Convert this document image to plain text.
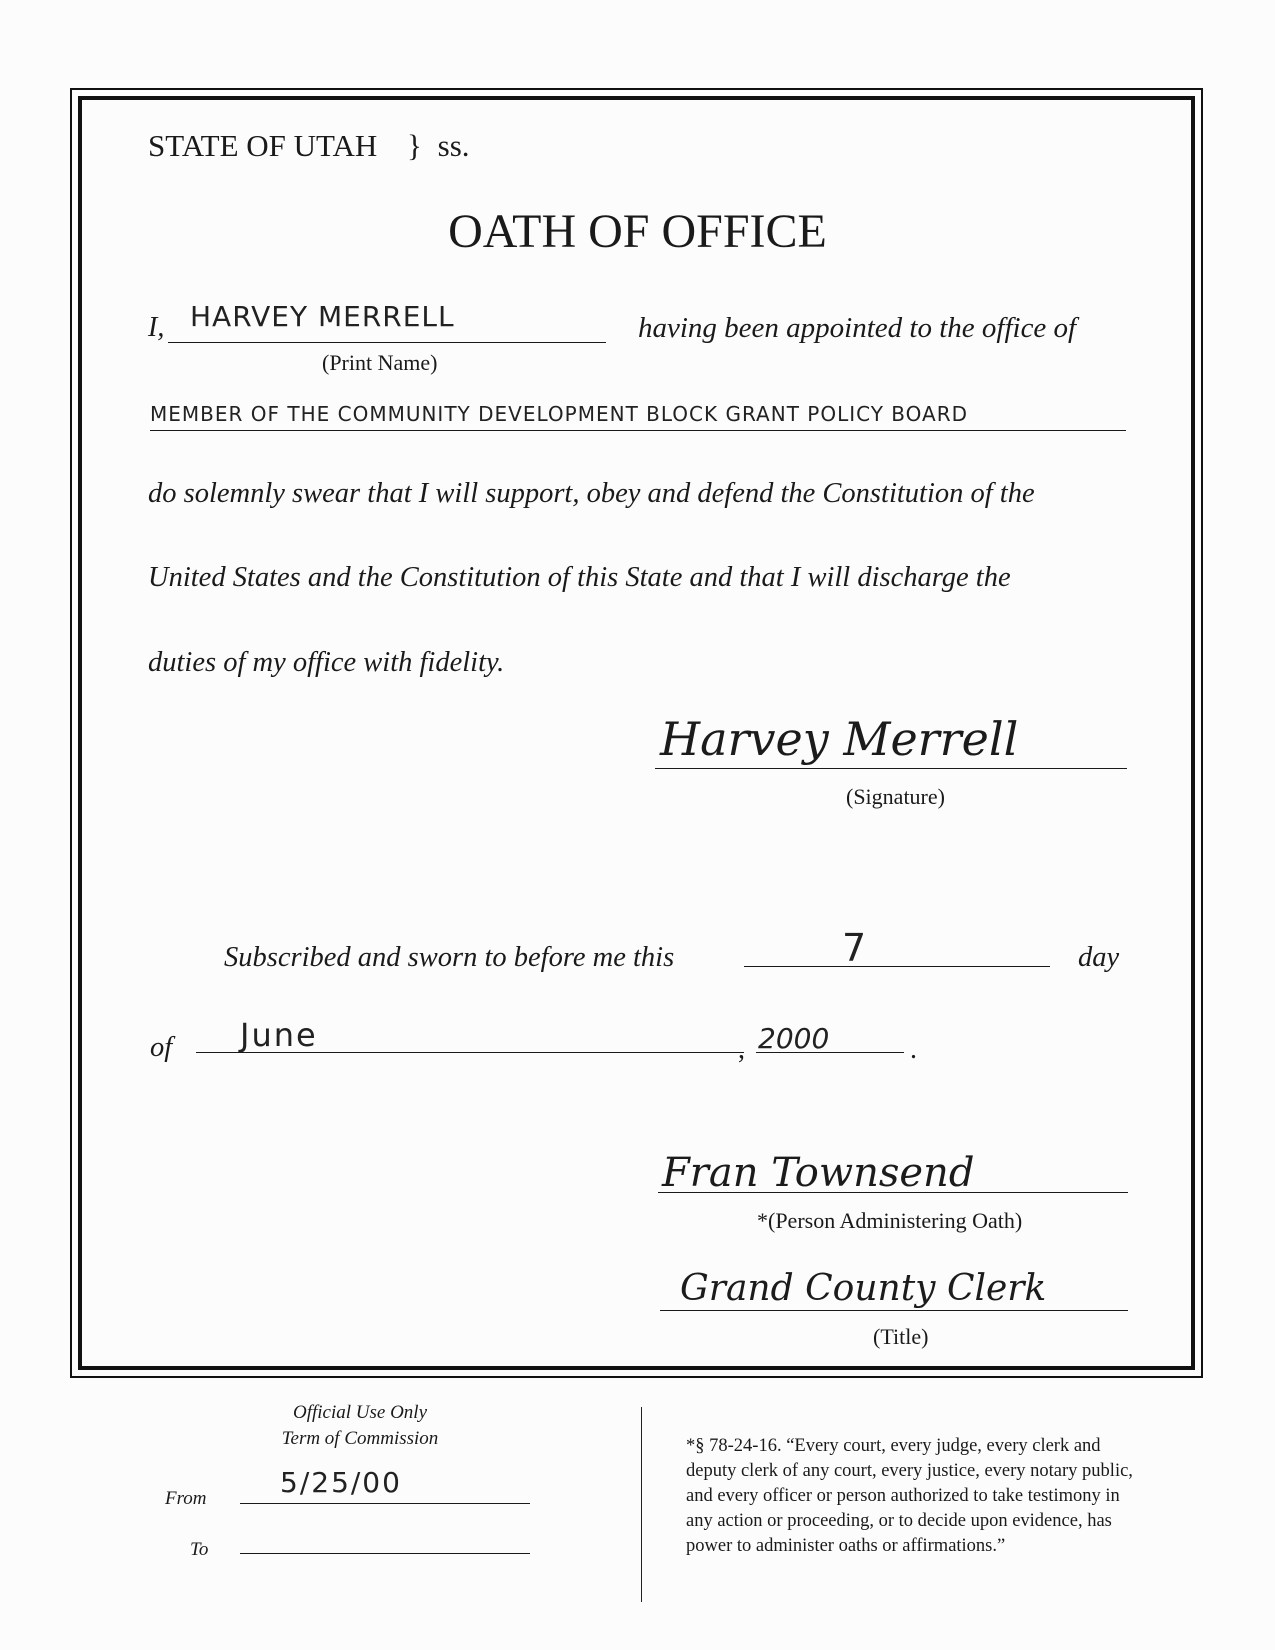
STATE OF UTAH } ss.
OATH OF OFFICE
I, HARVEY MERRELL
(Print Name)
having been appointed to the office of
MEMBER OF THE COMMUNITY DEVELOPMENT BLOCK GRANT POLICY BOARD
do solemnly swear that I will support, obey and defend the Constitution of the
United States and the Constitution of this State and that I will discharge the
duties of my office with fidelity.
Harvey Merrell
(Signature)
Subscribed and sworn to before me this	7	day
of June	, 2000	.
Fran Townsend
*(Person Administering Oath)
Grand County Clerk
(Title)
Official Use Only
Term of Commission
From	5/25/00
To
*§ 78-24-16. “Every court, every judge, every clerk and
deputy clerk of any court, every justice, every notary public,
and every officer or person authorized to take testimony in
any action or proceeding, or to decide upon evidence, has
power to administer oaths or affirmations.”
